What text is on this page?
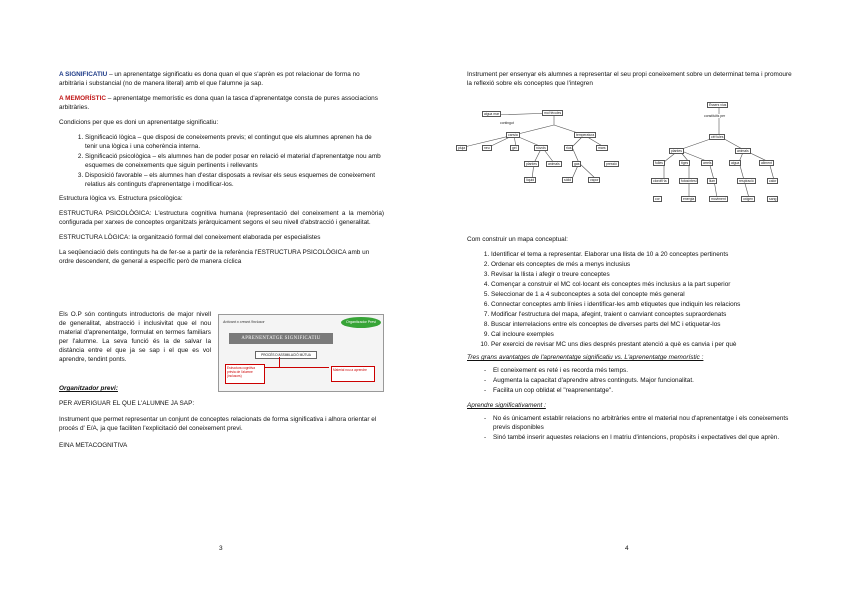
A SIGNIFICATIU – un aprenentatge significatiu es dona quan el que s'aprèn es pot relacionar de forma no arbitrària i substancial (no de manera literal) amb el que l'alumne ja sap.

A MEMORÍSTIC – aprenentatge memorístic es dona quan la tasca d'aprenentatge consta de pures associacions arbitràries.

Condicions per que es doni un aprenentatge significatiu:

1. Significació lògica – que disposi de coneixements previs; el contingut que els alumnes aprenen ha de tenir una lògica i una coherència interna.
2. Significació psicològica – els alumnes han de poder posar en relació el material d'aprenentatge nou amb esquemes de coneixements que siguin pertinents i rellevants
3. Disposició favorable – els alumnes han d'estar disposats a revisar els seus esquemes de coneixement relatius als continguts d'aprenentatge i modificar-los.

Estructura lògica vs. Estructura psicològica:

ESTRUCTURA PSICOLÒGICA: L'estructura cognitiva humana (representació del coneixement a la memòria) configurada per xarxes de conceptes organitzats jeràrquicament segons el seu nivell d'abstracció i generalitat.

ESTRUCTURA LÒGICA: la organització formal del coneixement elaborada per especialistes

La seqüenciació dels continguts ha de fer-se a partir de la referència l'ESTRUCTURA PSICOLÒGICA amb un ordre descendent, de general a específic però de manera cíclica

Els O.P són continguts introductoris de major nivell de generalitat, abstracció i inclusivitat que el nou material d'aprenentatge, formulat en termes familiars per l'alumne. La seva funció és la de salvar la distància entre el que ja se sap i el que es vol aprendre, tendint ponts.
Activant o creant l'inclusor	Organitzador Previ
APRENENTATGE SIGNIFICATIU
PROCÉS D'ASSIMILACIÓ MÚTUA
Estructura cognitiva prèvia de l'alumne (inclusors)
Material nou a aprendre

Organitzador previ:

PER AVERIGUAR EL QUE L'ALUMNE JA SAP:

Instrument que permet representar un conjunt de conceptes relacionats de forma significativa i alhora orientar el procés d' E/A, ja que faciliten l'explicitació del coneixement previ.

EINA METACOGNITIVA

3
Instrument per ensenyar els alumnes a representar el seu propi coneixement sobre un determinat tema i promoure la reflexió sobre els conceptes que l'integren
aigua mar
contingut
mol·lècules
canvia	temperatura
pluja	neu	gel	núvols	rius	mars
plantes	animals	gas
líquid	sòlid	vapor
pressió
Éssers vius
constituïts per
cèl·lules
plantes	animals
fulles	tiges	arrels	aigua	aliment
clorofil·la	fotosíntesi	llum	respiració	calor
energia	moviment	oxigen	sang
cor

Com construir un mapa conceptual:

1. Identificar el tema a representar. Elaborar una llista de 10 a 20 conceptes pertinents
2. Ordenar els conceptes de més a menys inclusius
3. Revisar la llista i afegir o treure conceptes
4. Començar a construir el MC col·locant els conceptes més inclusius a la part superior
5. Seleccionar de 1 a 4 subconceptes a sota del concepte més general
6. Connectar conceptes amb línies i identificar-les amb etiquetes que indiquin les relacions
7. Modificar l'estructura del mapa, afegint, traient o canviant conceptes supraordenats
8. Buscar interrelacions entre els conceptes de diverses parts del MC i etiquetar-los
9. Cal incloure exemples
10. Per exercici de revisar MC uns dies després prestant atenció a què es canvia i per què

Tres grans avantatges de l'aprenentatge significatiu vs. L'aprenentatge memorístic :

- El coneixement es reté i es recorda més temps.
- Augmenta la capacitat d'aprendre altres continguts. Major funcionalitat.
- Facilita un cop oblidat el "reaprenentatge".

Aprendre significativament :

- No és únicament establir relacions no arbitràries entre el material nou d'aprenentatge i els coneixements previs disponibles
- Sinó també inserir aquestes relacions en l matriu d'intencions, propòsits i expectatives del que aprèn.
4
